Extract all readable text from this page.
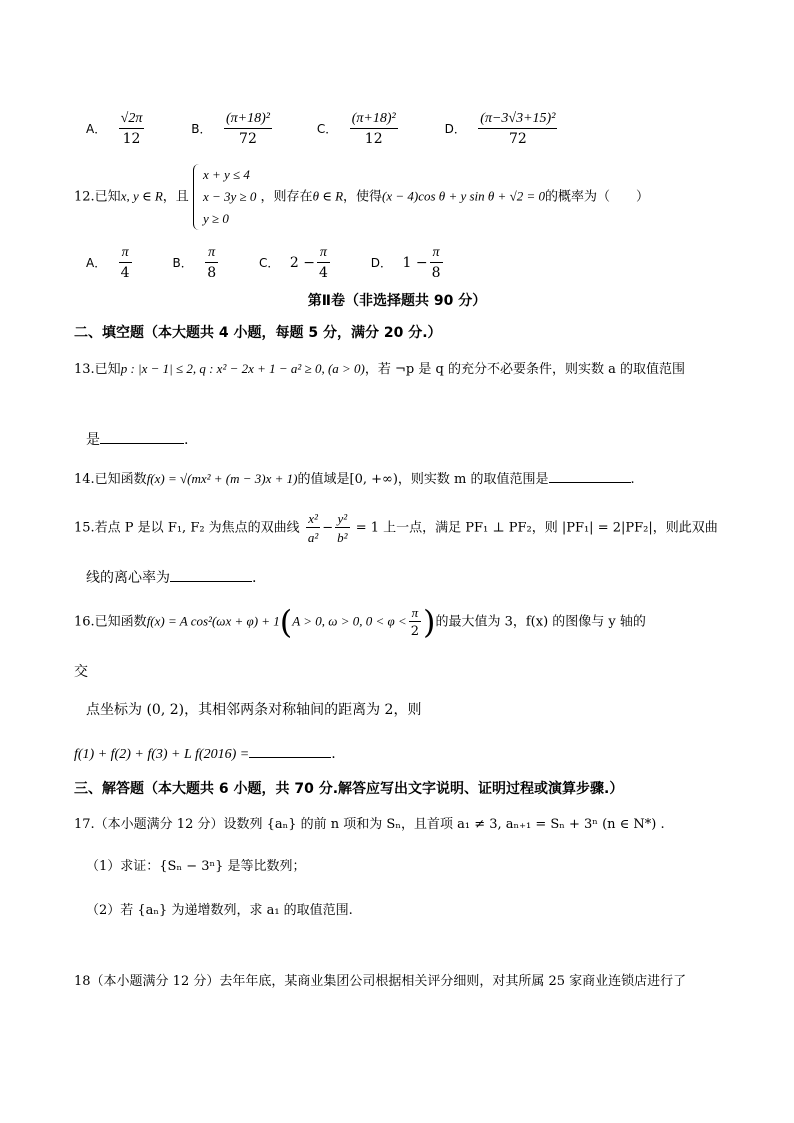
A． $\frac{√2\pi}{12}$	B． $\frac{\text{(π+18)²}}{72}$	C． $\frac{\text{(π+18)²}}{12}$	D． $\frac{\text{(π−3√3+15)²}}{72}$
12.已知x, y ∈ R，且
x + y ≤ 4
x − 3y ≥ 0
y ≥ 0
，则存在θ ∈ R，使得(x − 4)cos θ + y sin θ + √2 = 0的概率为（　　）
A． $\frac{\pi}{4}$	B． $\frac{\pi}{8}$	C． $2 - \frac{\pi}{4}$	D． $1 - \frac{\pi}{8}$
第Ⅱ卷（非选择题共 90 分）
二、填空题（本大题共 4 小题，每题 5 分，满分 20 分.）
13.已知p : |x − 1| ≤ 2, q : x² − 2x + 1 − a² ≥ 0, (a > 0)，若 ¬p 是 q 的充分不必要条件，则实数 a 的取值范围
是	.
14.已知函数f(x) = √(mx² + (m − 3)x + 1)的值域是[0, +∞)，则实数 m 的取值范围是	.
15.若点 P 是以 F₁, F₂ 为焦点的双曲线 $\frac{\text{x²}}{\text{a²}} - \frac{\text{y²}}{\text{b²}} = 1$ 上一点，满足 PF₁ ⊥ PF₂，则 |PF₁| = 2|PF₂|，则此双曲
线的离心率为	.
16.已知函数f(x) = A cos²(ωx + φ) + 1(A > 0, ω > 0, $0 < \varphi < \frac{\pi}{2}$ )的最大值为 3，f(x) 的图像与 y 轴的
交
点坐标为 (0, 2)，其相邻两条对称轴间的距离为 2，则
f(1) + f(2) + f(3) + L f(2016) =	.
三、解答题（本大题共 6 小题，共 70 分.解答应写出文字说明、证明过程或演算步骤.）
17.（本小题满分 12 分）设数列 {aₙ} 的前 n 项和为 Sₙ，且首项 a₁ ≠ 3, aₙ₊₁ = Sₙ + 3ⁿ (n ∈ N*) .
（1）求证：{Sₙ − 3ⁿ} 是等比数列；
（2）若 {aₙ} 为递增数列，求 a₁ 的取值范围.
18（本小题满分 12 分）去年年底，某商业集团公司根据相关评分细则，对其所属 25 家商业连锁店进行了
